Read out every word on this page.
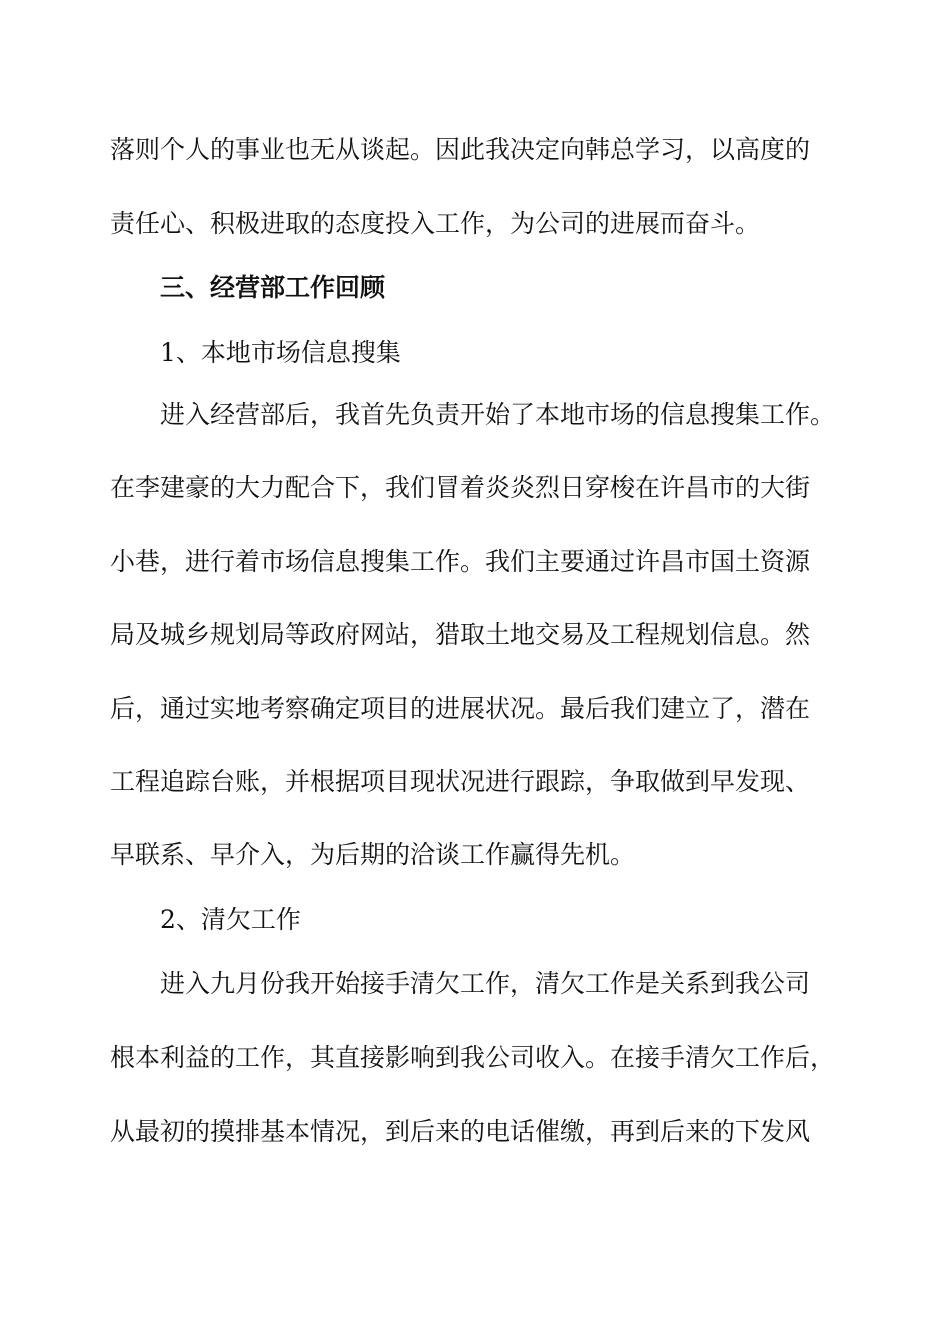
落则个人的事业也无从谈起。因此我决定向韩总学习，以高度的

责任心、积极进取的态度投入工作，为公司的进展而奋斗。

三、经营部工作回顾

1、本地市场信息搜集

进入经营部后，我首先负责开始了本地市场的信息搜集工作。

在李建豪的大力配合下，我们冒着炎炎烈日穿梭在许昌市的大街

小巷，进行着市场信息搜集工作。我们主要通过许昌市国土资源

局及城乡规划局等政府网站，猎取土地交易及工程规划信息。然

后，通过实地考察确定项目的进展状况。最后我们建立了，潜在

工程追踪台账，并根据项目现状况进行跟踪，争取做到早发现、

早联系、早介入，为后期的洽谈工作赢得先机。

2、清欠工作

进入九月份我开始接手清欠工作，清欠工作是关系到我公司

根本利益的工作，其直接影响到我公司收入。在接手清欠工作后，

从最初的摸排基本情况，到后来的电话催缴，再到后来的下发风
